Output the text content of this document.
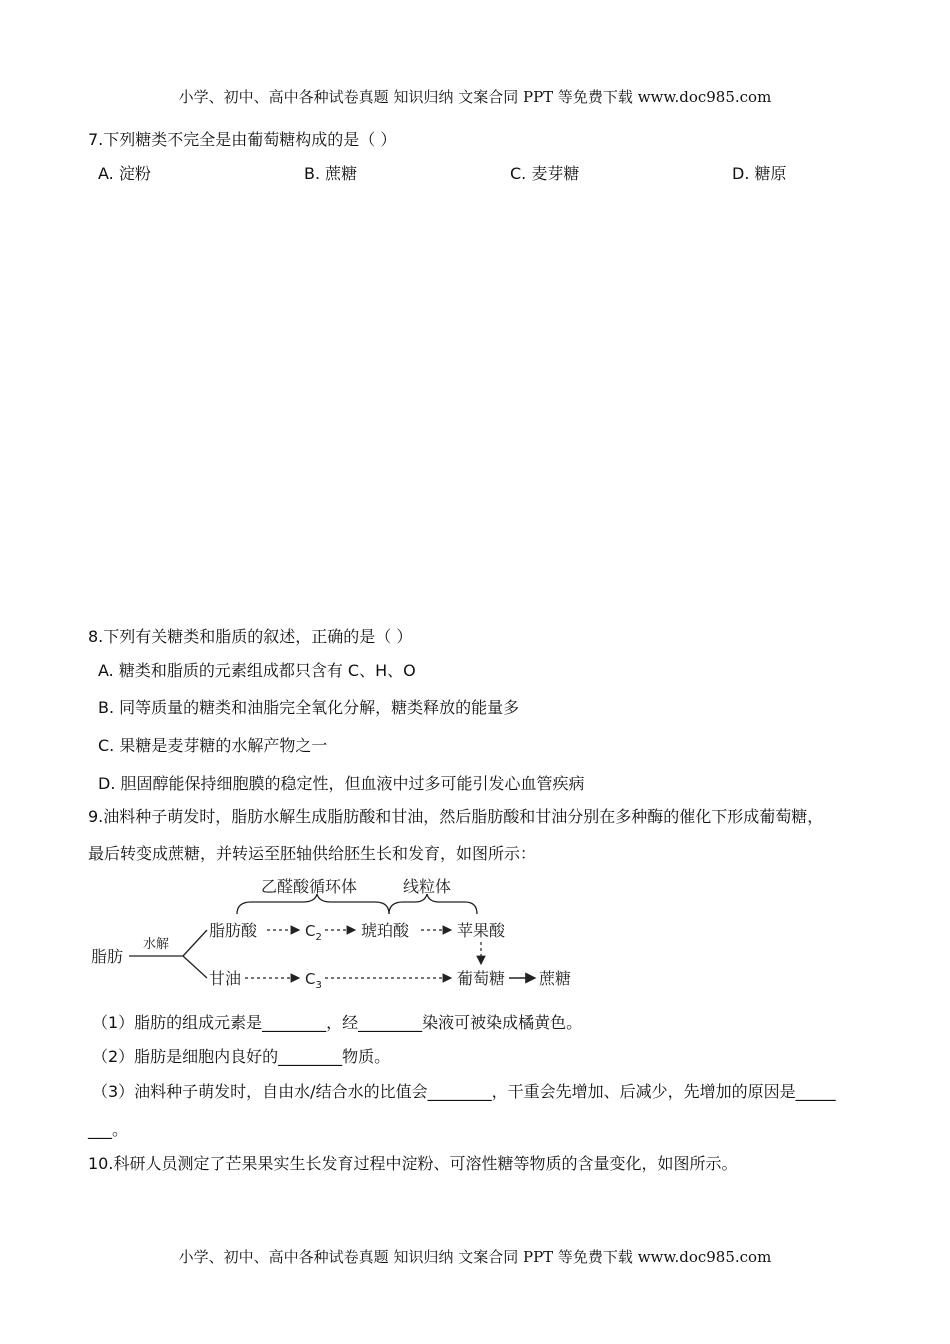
小学、初中、高中各种试卷真题 知识归纳 文案合同 PPT 等免费下载 www.doc985.com
7.下列糖类不完全是由葡萄糖构成的是（ ）
A. 淀粉	B. 蔗糖	C. 麦芽糖	D. 糖原
8.下列有关糖类和脂质的叙述，正确的是（ ）
A. 糖类和脂质的元素组成都只含有 C、H、O
B. 同等质量的糖类和油脂完全氧化分解，糖类释放的能量多
C. 果糖是麦芽糖的水解产物之一
D. 胆固醇能保持细胞膜的稳定性，但血液中过多可能引发心血管疾病
9.油料种子萌发时，脂肪水解生成脂肪酸和甘油，然后脂肪酸和甘油分别在多种酶的催化下形成葡萄糖，
最后转变成蔗糖，并转运至胚轴供给胚生长和发育，如图所示：
乙醛酸循环体	线粒体
脂肪
水解
脂肪酸	$C_2$ 琥珀酸	苹果酸
甘油	$C_3$	葡萄糖 蔗糖
（1）脂肪的组成元素是________，经________染液可被染成橘黄色。
（2）脂肪是细胞内良好的________物质。
（3）油料种子萌发时，自由水/结合水的比值会________，干重会先增加、后减少，先增加的原因是_____
___。
10.科研人员测定了芒果果实生长发育过程中淀粉、可溶性糖等物质的含量变化，如图所示。
小学、初中、高中各种试卷真题 知识归纳 文案合同 PPT 等免费下载 www.doc985.com
